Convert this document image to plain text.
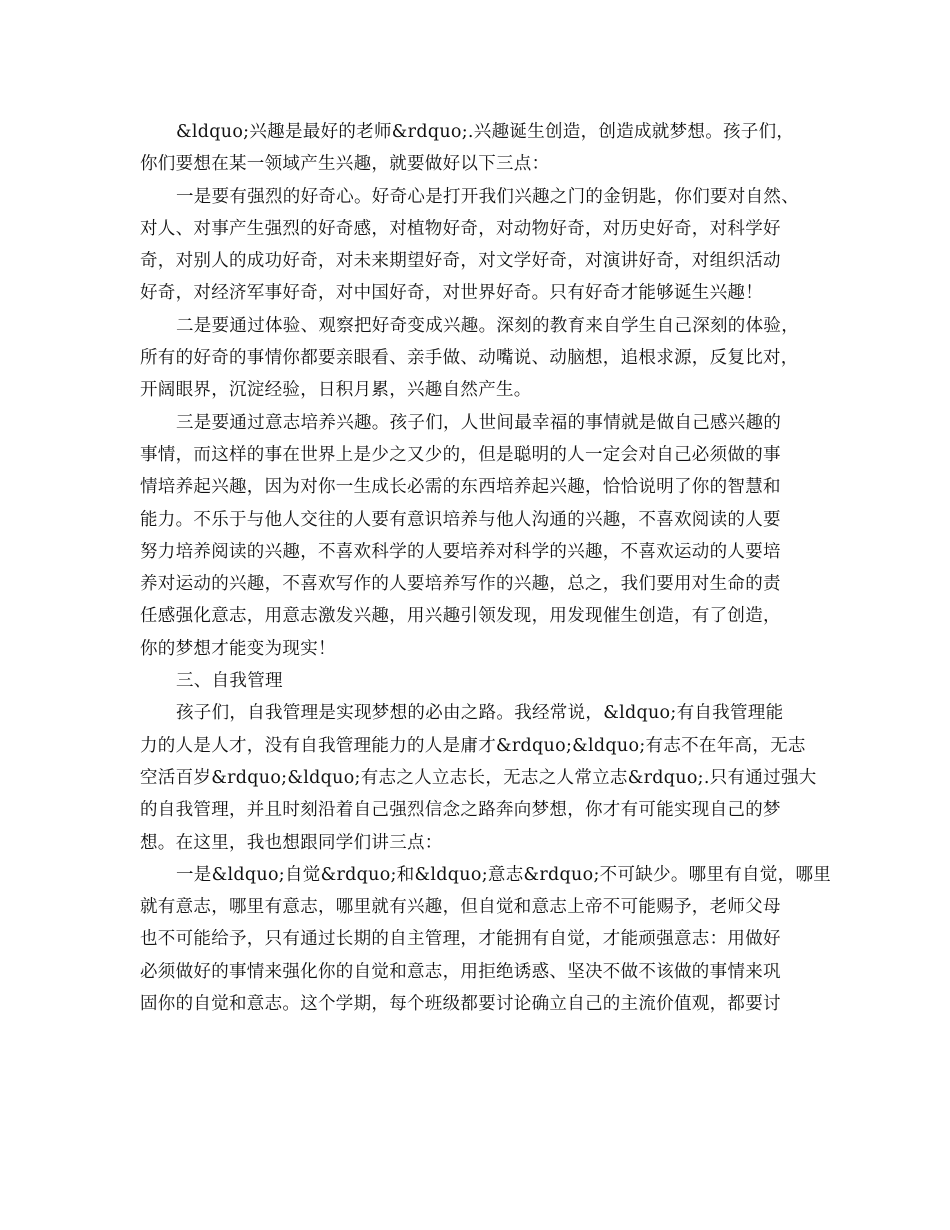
&ldquo;兴趣是最好的老师&rdquo;.兴趣诞生创造，创造成就梦想。孩子们，
你们要想在某一领域产生兴趣，就要做好以下三点：

一是要有强烈的好奇心。好奇心是打开我们兴趣之门的金钥匙，你们要对自然、
对人、对事产生强烈的好奇感，对植物好奇，对动物好奇，对历史好奇，对科学好
奇，对别人的成功好奇，对未来期望好奇，对文学好奇，对演讲好奇，对组织活动
好奇，对经济军事好奇，对中国好奇，对世界好奇。只有好奇才能够诞生兴趣！

二是要通过体验、观察把好奇变成兴趣。深刻的教育来自学生自己深刻的体验，
所有的好奇的事情你都要亲眼看、亲手做、动嘴说、动脑想，追根求源，反复比对，
开阔眼界，沉淀经验，日积月累，兴趣自然产生。

三是要通过意志培养兴趣。孩子们，人世间最幸福的事情就是做自己感兴趣的
事情，而这样的事在世界上是少之又少的，但是聪明的人一定会对自己必须做的事
情培养起兴趣，因为对你一生成长必需的东西培养起兴趣，恰恰说明了你的智慧和
能力。不乐于与他人交往的人要有意识培养与他人沟通的兴趣，不喜欢阅读的人要
努力培养阅读的兴趣，不喜欢科学的人要培养对科学的兴趣，不喜欢运动的人要培
养对运动的兴趣，不喜欢写作的人要培养写作的兴趣，总之，我们要用对生命的责
任感强化意志，用意志激发兴趣，用兴趣引领发现，用发现催生创造，有了创造，
你的梦想才能变为现实！

三、自我管理

孩子们，自我管理是实现梦想的必由之路。我经常说，&ldquo;有自我管理能
力的人是人才，没有自我管理能力的人是庸才&rdquo;&ldquo;有志不在年高，无志
空活百岁&rdquo;&ldquo;有志之人立志长，无志之人常立志&rdquo;.只有通过强大
的自我管理，并且时刻沿着自己强烈信念之路奔向梦想，你才有可能实现自己的梦
想。在这里，我也想跟同学们讲三点：

一是&ldquo;自觉&rdquo;和&ldquo;意志&rdquo;不可缺少。哪里有自觉，哪里
就有意志，哪里有意志，哪里就有兴趣，但自觉和意志上帝不可能赐予，老师父母
也不可能给予，只有通过长期的自主管理，才能拥有自觉，才能顽强意志：用做好
必须做好的事情来强化你的自觉和意志，用拒绝诱惑、坚决不做不该做的事情来巩
固你的自觉和意志。这个学期，每个班级都要讨论确立自己的主流价值观，都要讨
